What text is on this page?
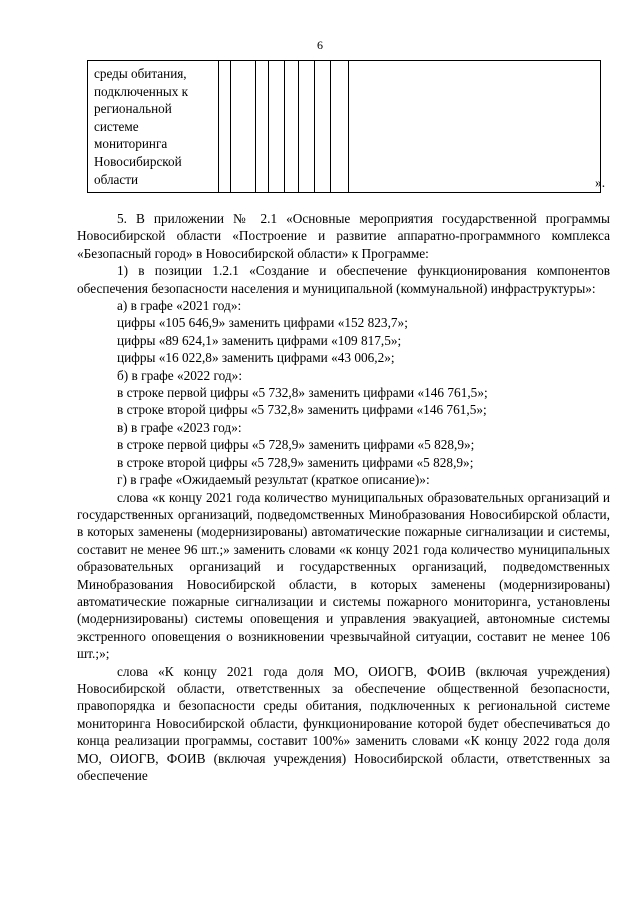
6
среды обитания,
подключенных к
региональной
системе
мониторинга
Новосибирской
области
										».

5. В приложении № 2.1 «Основные мероприятия государственной программы Новосибирской области «Построение и развитие аппаратно-программного комплекса «Безопасный город» в Новосибирской области» к Программе:

1) в позиции 1.2.1 «Создание и обеспечение функционирования компонентов обеспечения безопасности населения и муниципальной (коммунальной) инфраструктуры»:

а) в графе «2021 год»:

цифры «105 646,9» заменить цифрами «152 823,7»;

цифры «89 624,1» заменить цифрами «109 817,5»;

цифры «16 022,8» заменить цифрами «43 006,2»;

б) в графе «2022 год»:

в строке первой цифры «5 732,8» заменить цифрами «146 761,5»;

в строке второй цифры «5 732,8» заменить цифрами «146 761,5»;

в) в графе «2023 год»:

в строке первой цифры «5 728,9» заменить цифрами «5 828,9»;

в строке второй цифры «5 728,9» заменить цифрами «5 828,9»;

г) в графе «Ожидаемый результат (краткое описание)»:

слова «к концу 2021 года количество муниципальных образовательных организаций и государственных организаций, подведомственных Минобразования Новосибирской области, в которых заменены (модернизированы) автоматические пожарные сигнализации и системы, составит не менее 96 шт.;» заменить словами «к концу 2021 года количество муниципальных образовательных организаций и государственных организаций, подведомственных Минобразования Новосибирской области, в которых заменены (модернизированы) автоматические пожарные сигнализации и системы пожарного мониторинга, установлены (модернизированы) системы оповещения и управления эвакуацией, автономные системы экстренного оповещения о возникновении чрезвычайной ситуации, составит не менее 106 шт.;»;

слова «К концу 2021 года доля МО, ОИОГВ, ФОИВ (включая учреждения) Новосибирской области, ответственных за обеспечение общественной безопасности, правопорядка и безопасности среды обитания, подключенных к региональной системе мониторинга Новосибирской области, функционирование которой будет обеспечиваться до конца реализации программы, составит 100%» заменить словами «К концу 2022 года доля МО, ОИОГВ, ФОИВ (включая учреждения) Новосибирской области, ответственных за обеспечение
